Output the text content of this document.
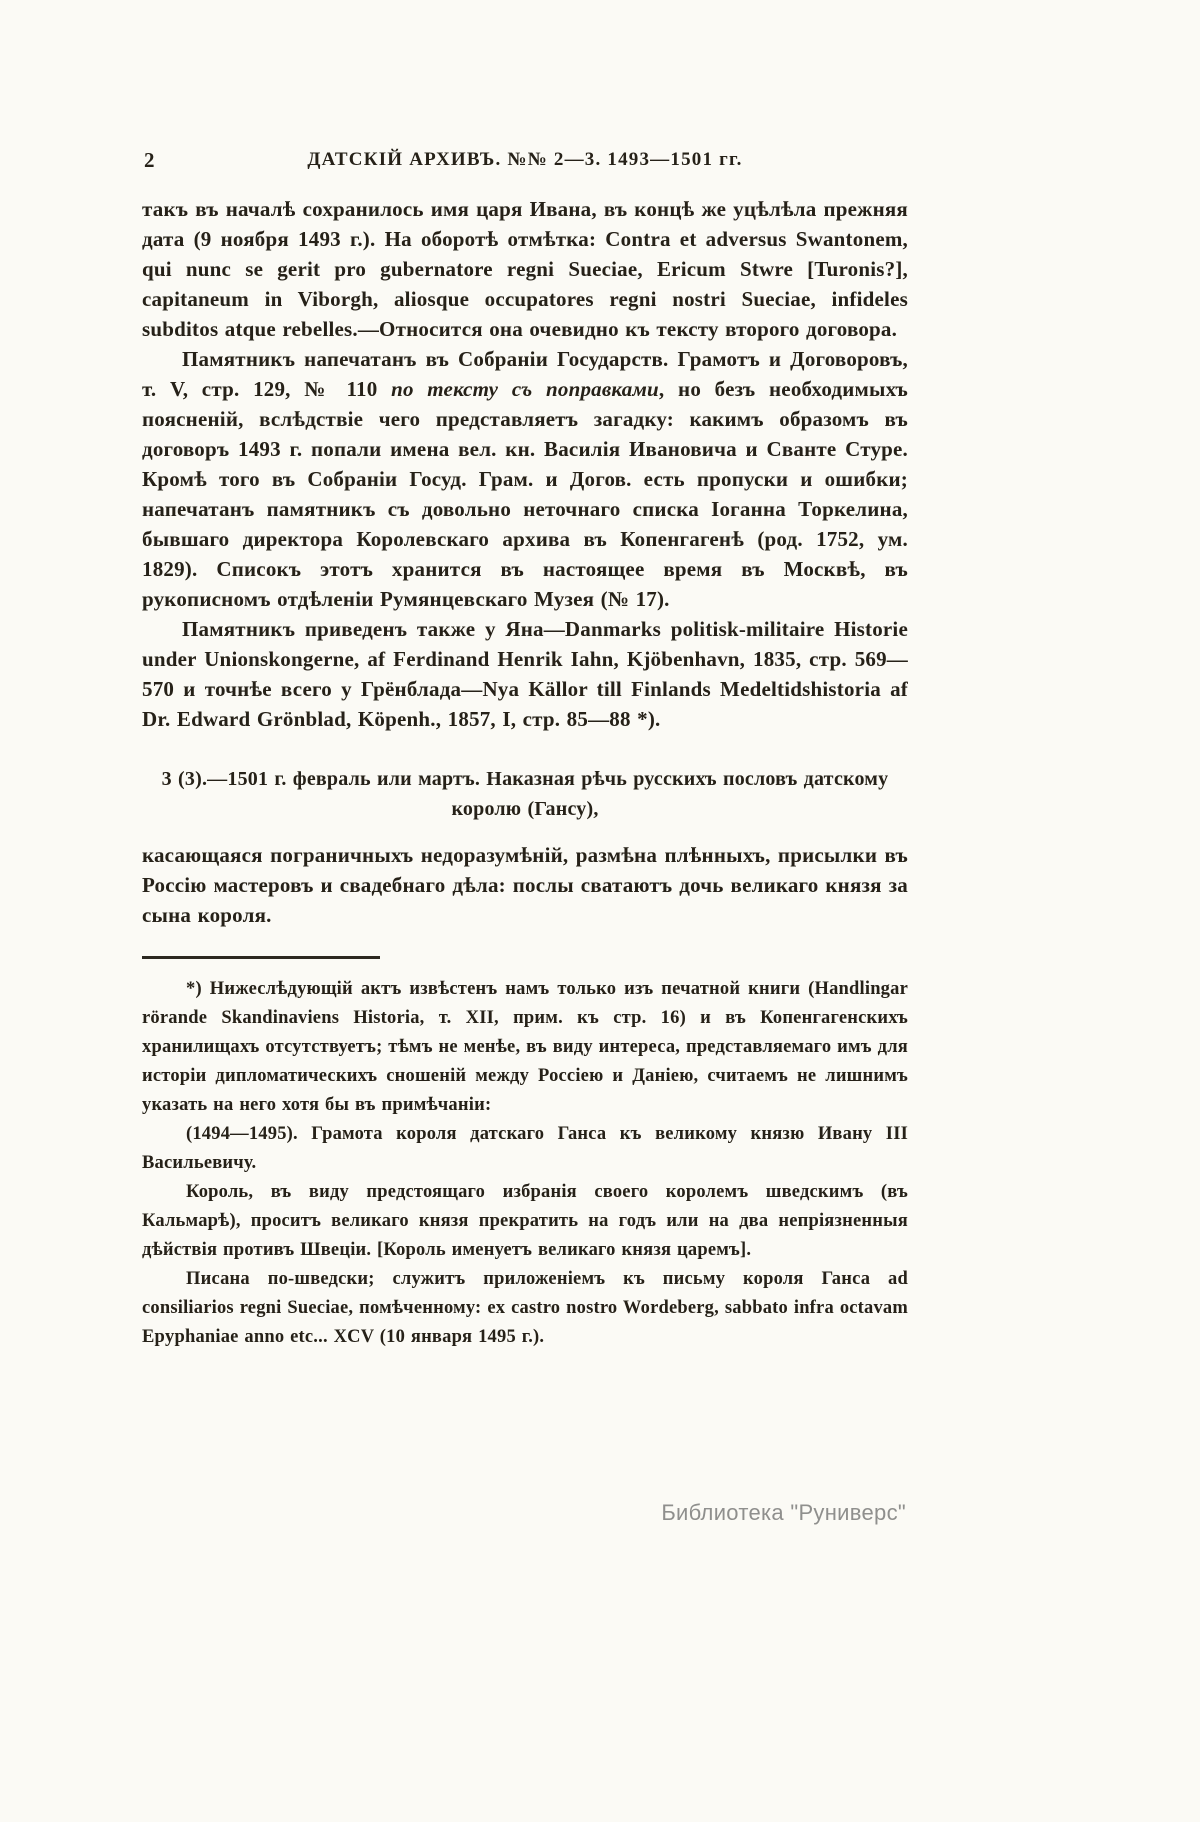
2	ДАТСКІЙ АРХИВЪ. №№ 2—3. 1493—1501 гг.

такъ въ началѣ сохранилось имя царя Ивана, въ концѣ же уцѣлѣла прежняя дата (9 ноября 1493 г.). На оборотѣ отмѣтка: Contra et adversus Swantonem, qui nunc se gerit pro gubernatore regni Sueciae, Ericum Stwre [Turonis?], capitaneum in Viborgh, aliosque occupatores regni nostri Sueciae, infideles subditos atque rebelles.—Относится она очевидно къ тексту второго договора.

Памятникъ напечатанъ въ Собраніи Государств. Грамотъ и Договоровъ, т. V, стр. 129, № 110 по тексту съ поправками, но безъ необходимыхъ поясненій, вслѣдствіе чего представляетъ загадку: какимъ образомъ въ договоръ 1493 г. попали имена вел. кн. Василія Ивановича и Сванте Стуре. Кромѣ того въ Собраніи Госуд. Грам. и Догов. есть пропуски и ошибки; напечатанъ памятникъ съ довольно неточнаго списка Іоганна Торкелина, бывшаго директора Королевскаго архива въ Копенгагенѣ (род. 1752, ум. 1829). Списокъ этотъ хранится въ настоящее время въ Москвѣ, въ рукописномъ отдѣленіи Румянцевскаго Музея (№ 17).

Памятникъ приведенъ также у Яна—Danmarks politisk-militaire Historie under Unionskongerne, af Ferdinand Henrik Iahn, Kjöbenhavn, 1835, стр. 569—570 и точнѣе всего у Грёнблада—Nya Källor till Finlands Medeltidshistoria af Dr. Edward Grönblad, Köpenh., 1857, I, стр. 85—88 *).

3 (3).—1501 г. февраль или мартъ. Наказная рѣчь русскихъ пословъ датскому королю (Гансу),

касающаяся пограничныхъ недоразумѣній, размѣна плѣнныхъ, присылки въ Россію мастеровъ и свадебнаго дѣла: послы сватаютъ дочь великаго князя за сына короля.

*) Нижеслѣдующій актъ извѣстенъ намъ только изъ печатной книги (Handlingar rörande Skandinaviens Historia, т. XII, прим. къ стр. 16) и въ Копенгагенскихъ хранилищахъ отсутствуетъ; тѣмъ не менѣе, въ виду интереса, представляемаго имъ для исторіи дипломатическихъ сношеній между Россіею и Даніею, считаемъ не лишнимъ указать на него хотя бы въ примѣчаніи:

(1494—1495). Грамота короля датскаго Ганса къ великому князю Ивану III Васильевичу.

Король, въ виду предстоящаго избранія своего королемъ шведскимъ (въ Кальмарѣ), проситъ великаго князя прекратить на годъ или на два непріязненныя дѣйствія противъ Швеціи. [Король именуетъ великаго князя царемъ].

Писана по-шведски; служитъ приложеніемъ къ письму короля Ганса ad consiliarios regni Sueciae, помѣченному: ex castro nostro Wordeberg, sabbato infra octavam Epyphaniae anno etc... XCV (10 января 1495 г.).

Библиотека "Руниверс"
